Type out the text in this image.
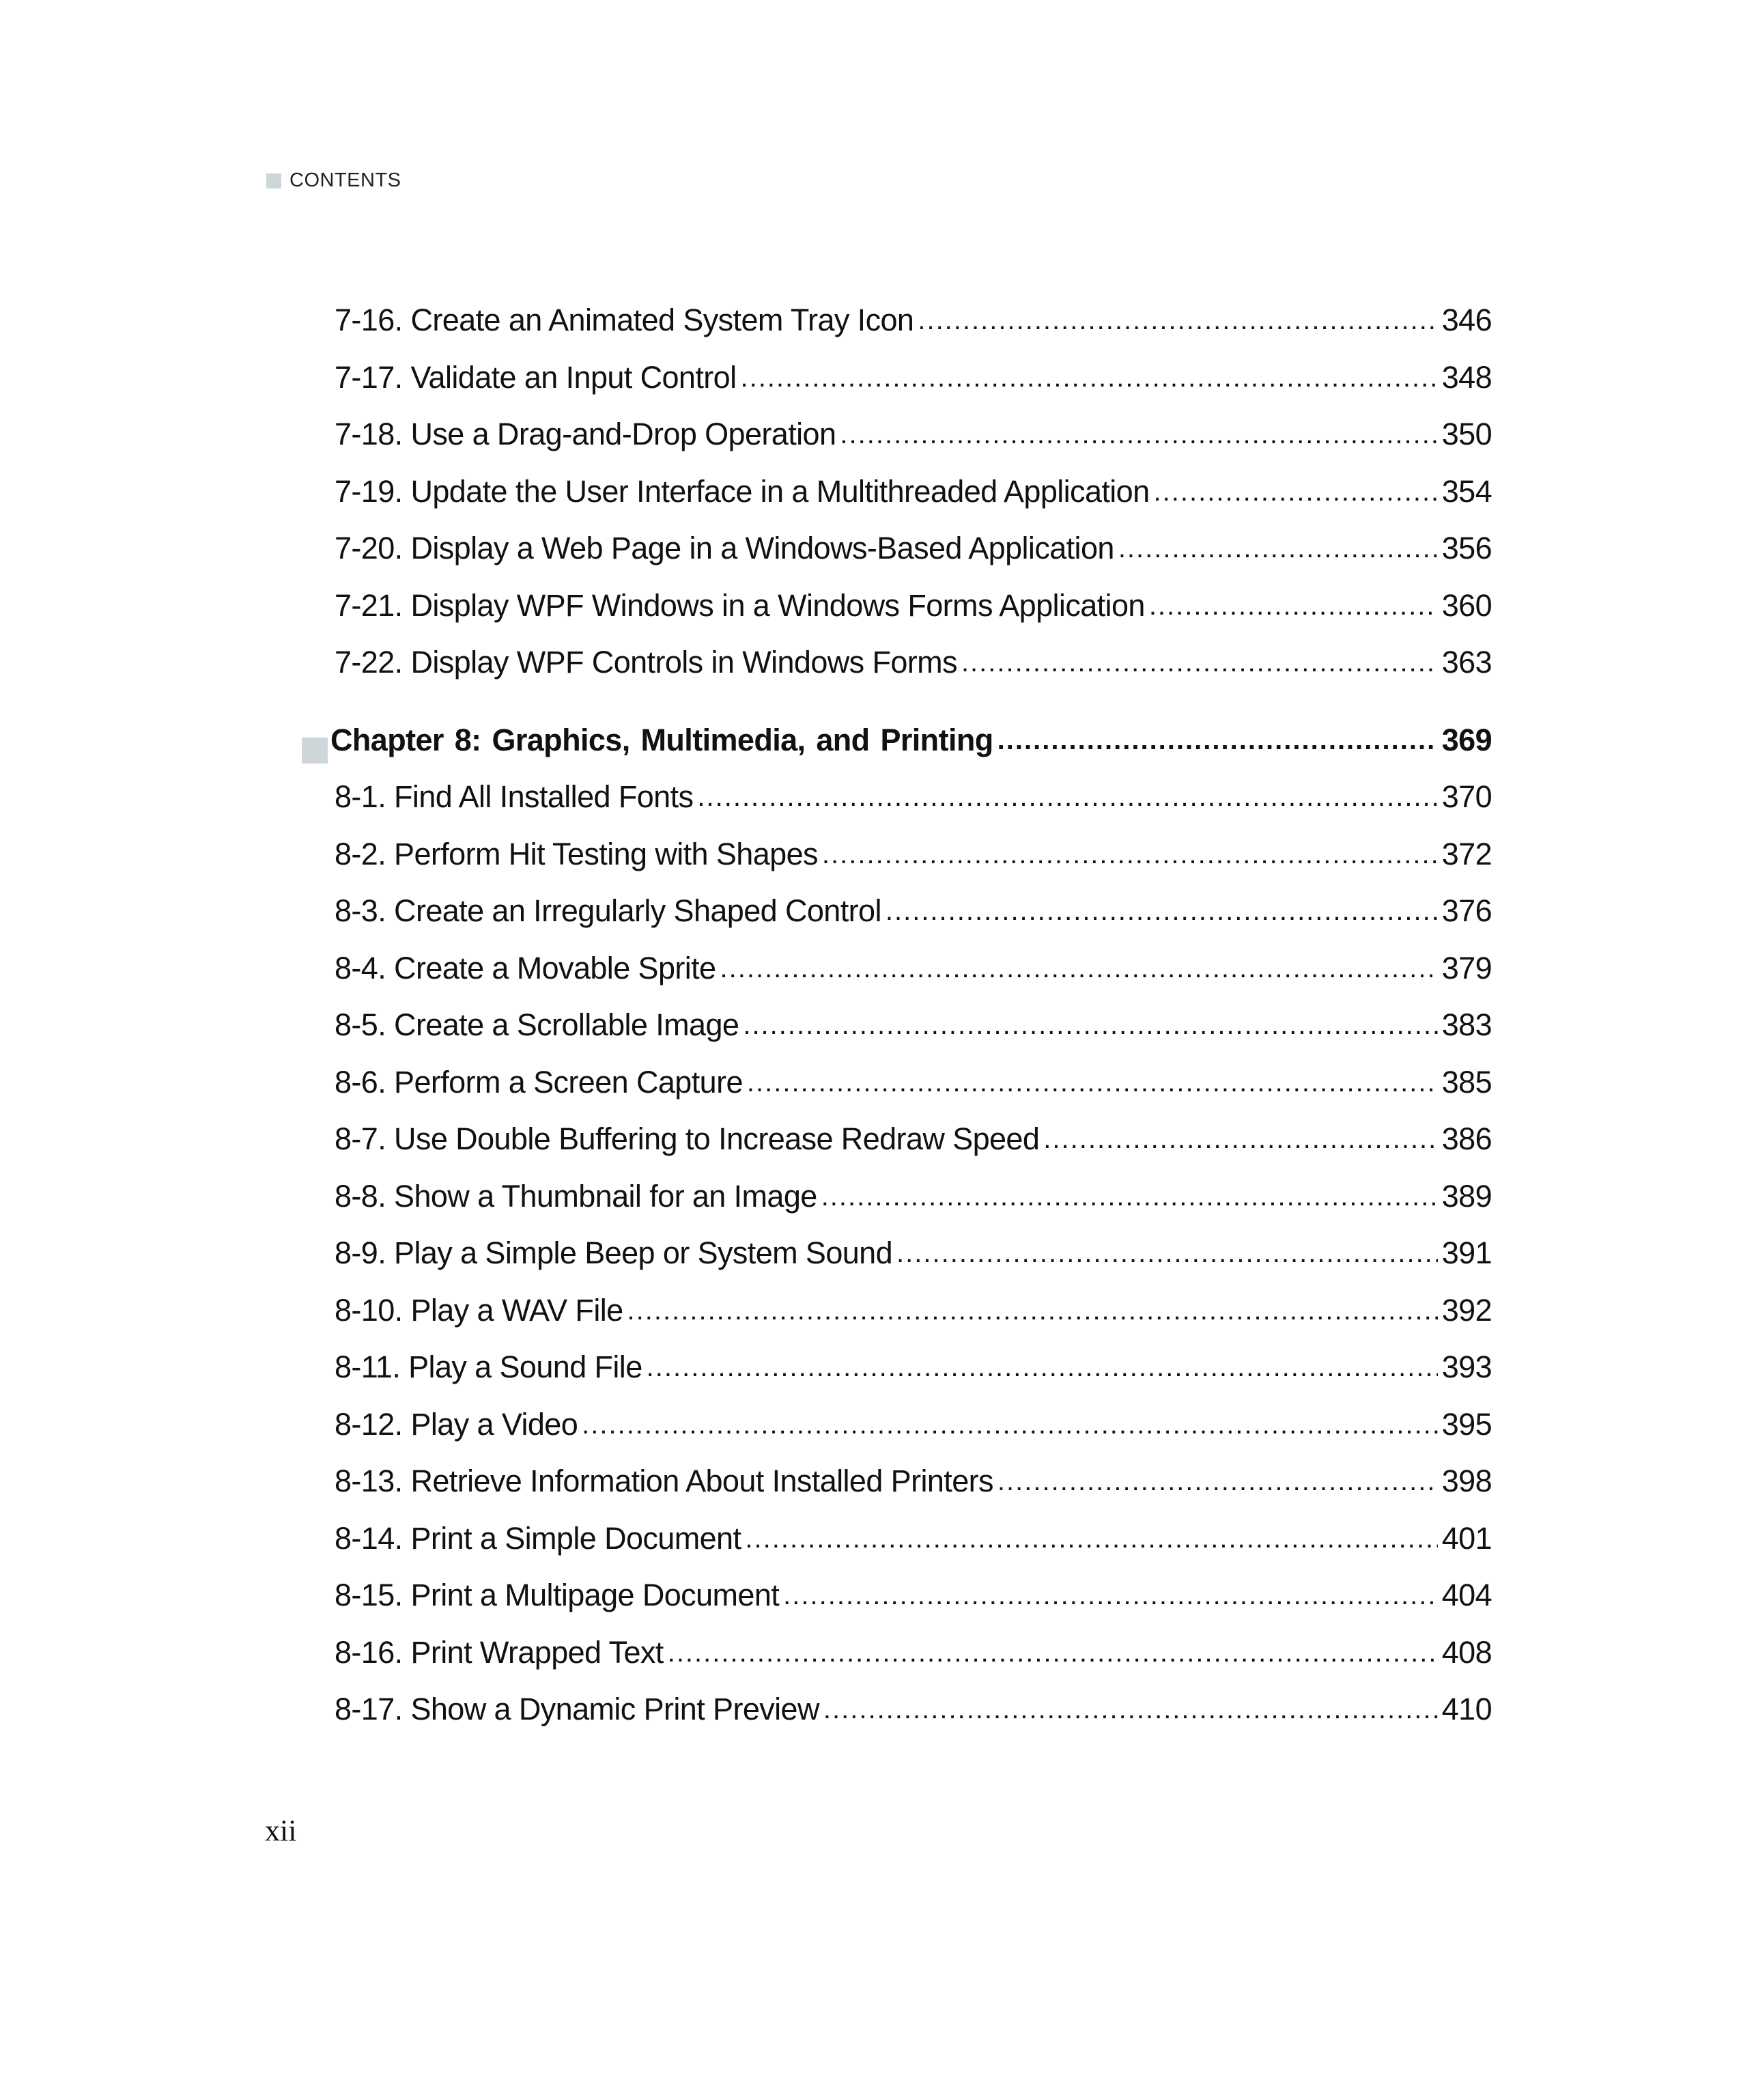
CONTENTS
7-16. Create an Animated System Tray Icon .....	346
7-17. Validate an Input Control .....	348
7-18. Use a Drag-and-Drop Operation .....	350
7-19. Update the User Interface in a Multithreaded Application .....	354
7-20. Display a Web Page in a Windows-Based Application .....	356
7-21. Display WPF Windows in a Windows Forms Application .....	360
7-22. Display WPF Controls in Windows Forms .....	363
Chapter 8: Graphics, Multimedia, and Printing .....	369
8-1. Find All Installed Fonts .....	370
8-2. Perform Hit Testing with Shapes .....	372
8-3. Create an Irregularly Shaped Control .....	376
8-4. Create a Movable Sprite .....	379
8-5. Create a Scrollable Image .....	383
8-6. Perform a Screen Capture .....	385
8-7. Use Double Buffering to Increase Redraw Speed .....	386
8-8. Show a Thumbnail for an Image .....	389
8-9. Play a Simple Beep or System Sound .....	391
8-10. Play a WAV File .....	392
8-11. Play a Sound File .....	393
8-12. Play a Video .....	395
8-13. Retrieve Information About Installed Printers .....	398
8-14. Print a Simple Document .....	401
8-15. Print a Multipage Document .....	404
8-16. Print Wrapped Text .....	408
8-17. Show a Dynamic Print Preview .....	410
xii
